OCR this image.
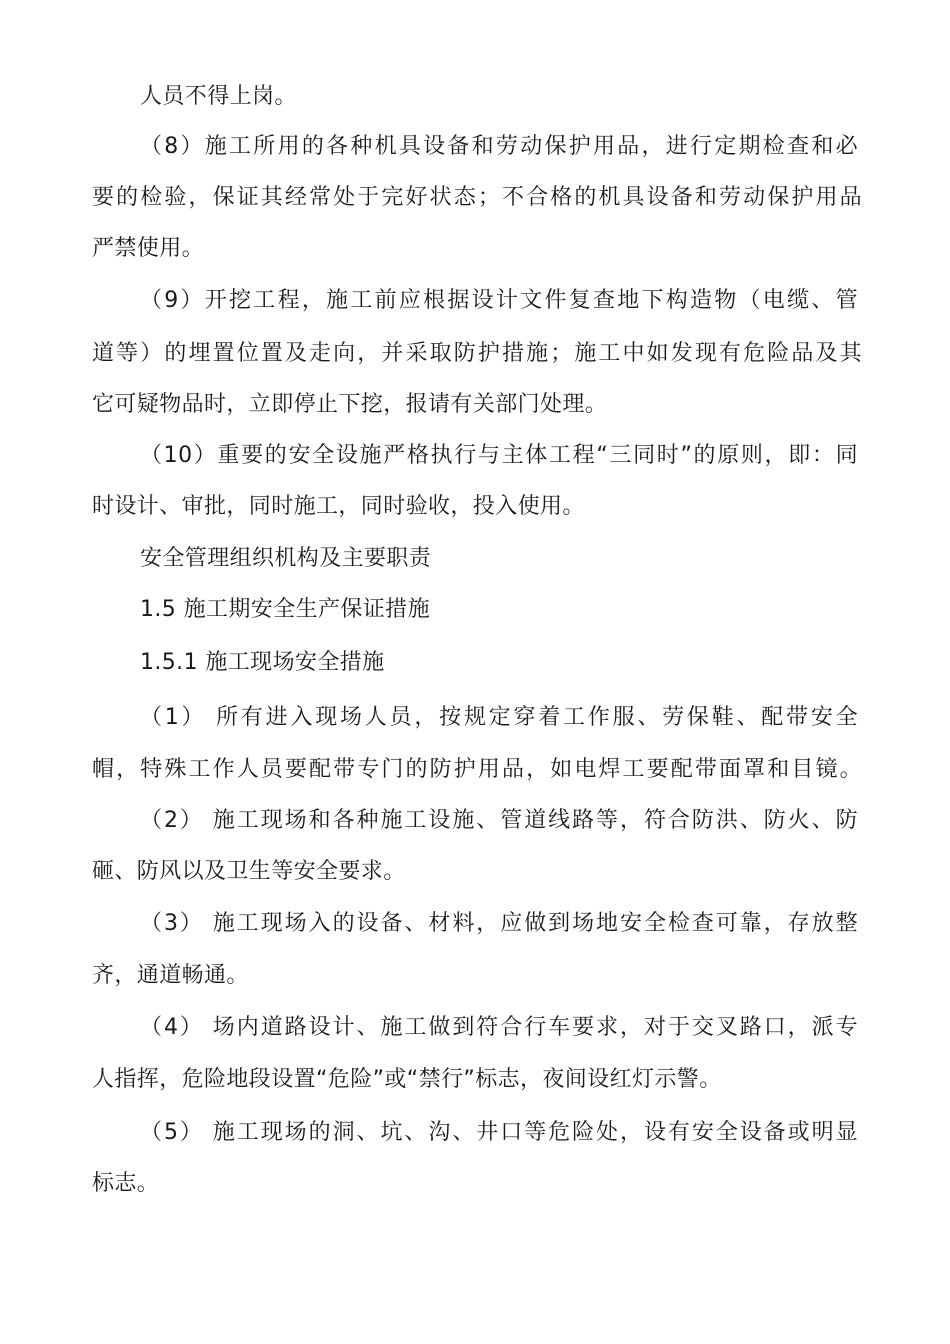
人员不得上岗。
（8）施工所用的各种机具设备和劳动保护用品，进行定期检查和必
要的检验，保证其经常处于完好状态；不合格的机具设备和劳动保护用品
严禁使用。
（9）开挖工程，施工前应根据设计文件复查地下构造物（电缆、管
道等）的埋置位置及走向，并采取防护措施；施工中如发现有危险品及其
它可疑物品时，立即停止下挖，报请有关部门处理。
（10）重要的安全设施严格执行与主体工程“三同时”的原则，即：同
时设计、审批，同时施工，同时验收，投入使用。
安全管理组织机构及主要职责
1.5 施工期安全生产保证措施
1.5.1 施工现场安全措施
（1） 所有进入现场人员，按规定穿着工作服、劳保鞋、配带安全
帽，特殊工作人员要配带专门的防护用品，如电焊工要配带面罩和目镜。
（2） 施工现场和各种施工设施、管道线路等，符合防洪、防火、防
砸、防风以及卫生等安全要求。
（3） 施工现场入的设备、材料，应做到场地安全检查可靠，存放整
齐，通道畅通。
（4） 场内道路设计、施工做到符合行车要求，对于交叉路口，派专
人指挥，危险地段设置“危险”或“禁行”标志，夜间设红灯示警。
（5） 施工现场的洞、坑、沟、井口等危险处，设有安全设备或明显
标志。
